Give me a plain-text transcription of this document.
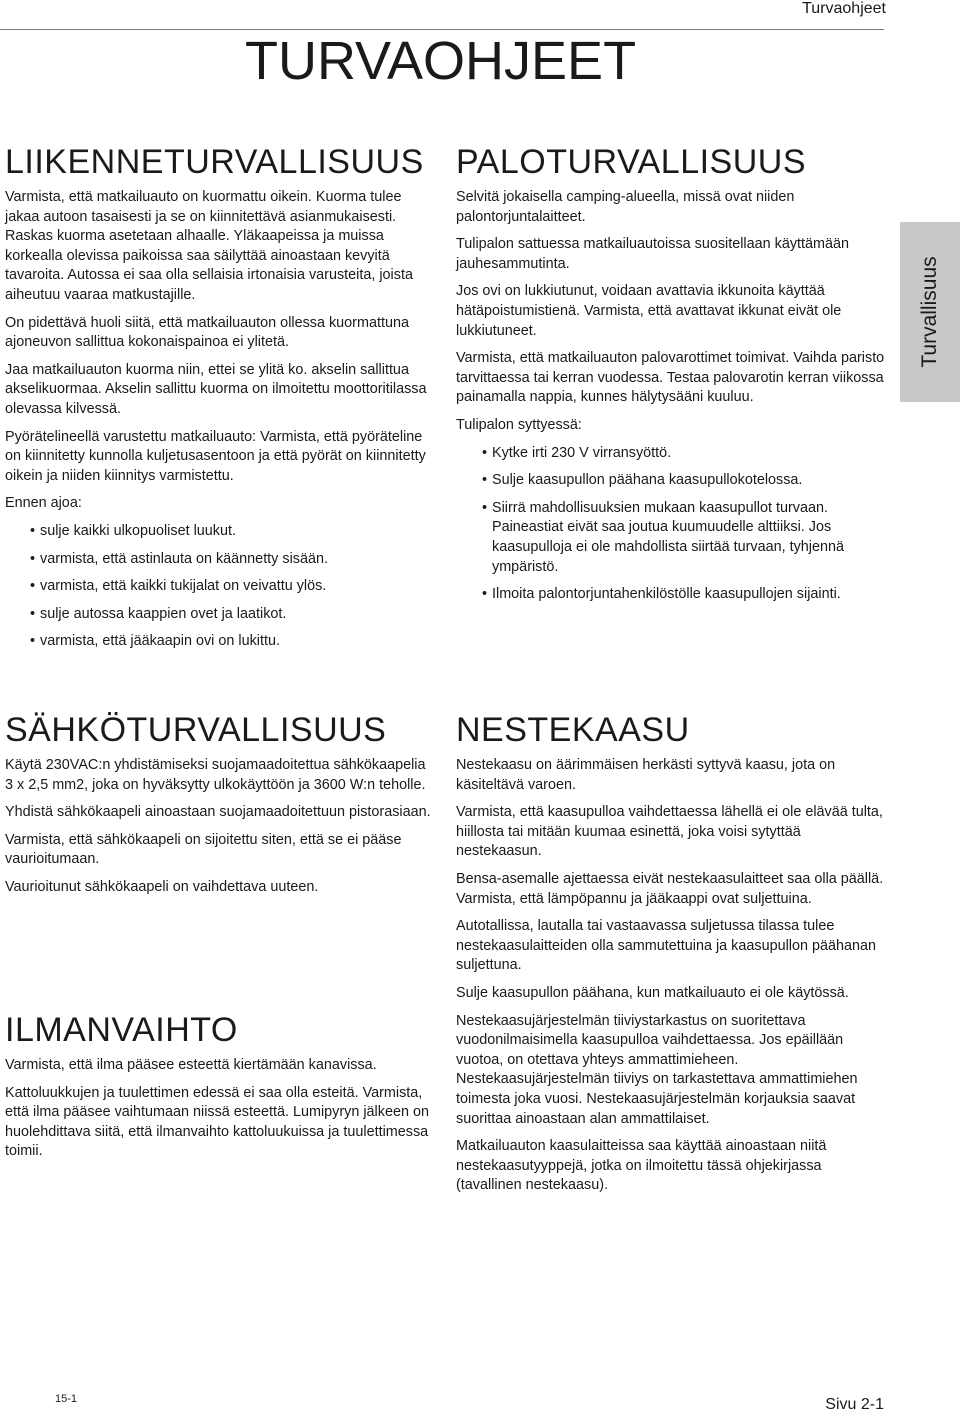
Turvaohjeet
TURVAOHJEET
Turvallisuus
LIIKENNETURVALLISUUS

Varmista, että matkailuauto on kuormattu oikein. Kuorma tulee jakaa autoon tasaisesti ja se on kiinnitettävä asianmukaisesti. Raskas kuorma asetetaan alhaalle. Yläkaapeissa ja muissa korkealla olevissa paikoissa saa säilyttää ainoastaan kevyitä tavaroita. Autossa ei saa olla sellaisia irtonaisia varusteita, joista aiheutuu vaaraa matkustajille.

On pidettävä huoli siitä, että matkailuauton ollessa kuormattuna ajoneuvon sallittua kokonaispainoa ei ylitetä.

Jaa matkailuauton kuorma niin, ettei se ylitä ko. akselin sallittua akselikuormaa. Akselin sallittu kuorma on ilmoitettu moottoritilassa olevassa kilvessä.

Pyörätelineellä varustettu matkailuauto: Varmista, että pyöräteline on kiinnitetty kunnolla kuljetusasentoon ja että pyörät on kiinnitetty oikein ja niiden kiinnitys varmistettu.

Ennen ajoa:

• sulje kaikki ulkopuoliset luukut.
• varmista, että astinlauta on käännetty sisään.
• varmista, että kaikki tukijalat on veivattu ylös.
• sulje autossa kaappien ovet ja laatikot.
• varmista, että jääkaapin ovi on lukittu.
PALOTURVALLISUUS

Selvitä jokaisella camping-alueella, missä ovat niiden palontorjuntalaitteet.

Tulipalon sattuessa matkailuautoissa suositellaan käyttämään jauhesammutinta.

Jos ovi on lukkiutunut, voidaan avattavia ikkunoita käyttää hätäpoistumistienä. Varmista, että avattavat ikkunat eivät ole lukkiutuneet.

Varmista, että matkailuauton palovarottimet toimivat. Vaihda paristo tarvittaessa tai kerran vuodessa. Testaa palovarotin kerran viikossa painamalla nappia, kunnes hälytysääni kuuluu.

Tulipalon syttyessä:

• Kytke irti 230 V virransyöttö.
• Sulje kaasupullon päähana kaasupullokotelossa.
• Siirrä mahdollisuuksien mukaan kaasupullot turvaan. Paineastiat eivät saa joutua kuumuudelle alttiiksi. Jos kaasupulloja ei ole mahdollista siirtää turvaan, tyhjennä ympäristö.
• Ilmoita palontorjuntahenkilöstölle kaasupullojen sijainti.
SÄHKÖTURVALLISUUS

Käytä 230VAC:n yhdistämiseksi suojamaadoitettua sähkökaapelia 3 x 2,5 mm2, joka on hyväksytty ulkokäyttöön ja 3600 W:n teholle.

Yhdistä sähkökaapeli ainoastaan suojamaadoitettuun pistorasiaan.

Varmista, että sähkökaapeli on sijoitettu siten, että se ei pääse vaurioitumaan.

Vaurioitunut sähkökaapeli on vaihdettava uuteen.

ILMANVAIHTO

Varmista, että ilma pääsee esteettä kiertämään kanavissa.

Kattoluukkujen ja tuulettimen edessä ei saa olla esteitä. Varmista, että ilma pääsee vaihtumaan niissä esteettä. Lumipyryn jälkeen on huolehdittava siitä, että ilmanvaihto kattoluukuissa ja tuulettimessa toimii.

NESTEKAASU

Nestekaasu on äärimmäisen herkästi syttyvä kaasu, jota on käsiteltävä varoen.

Varmista, että kaasupulloa vaihdettaessa lähellä ei ole elävää tulta, hiillosta tai mitään kuumaa esinettä, joka voisi sytyttää nestekaasun.

Bensa-asemalle ajettaessa eivät nestekaasulaitteet saa olla päällä. Varmista, että lämpöpannu ja jääkaappi ovat suljettuina.

Autotallissa, lautalla tai vastaavassa suljetussa tilassa tulee nestekaasulaitteiden olla sammutettuina ja kaasupullon päähanan suljettuna.

Sulje kaasupullon päähana, kun matkailuauto ei ole käytössä.

Nestekaasujärjestelmän tiiviystarkastus on suoritettava vuodonilmaisimella kaasupulloa vaihdettaessa. Jos epäillään vuotoa, on otettava yhteys ammattimieheen. Nestekaasujärjestelmän tiiviys on tarkastettava ammattimiehen toimesta joka vuosi. Nestekaasujärjestelmän korjauksia saavat suorittaa ainoastaan alan ammattilaiset.

Matkailuauton kaasulaitteissa saa käyttää ainoastaan niitä nestekaasutyyppejä, jotka on ilmoitettu tässä ohjekirjassa (tavallinen nestekaasu).

15-1	Sivu 2-1
